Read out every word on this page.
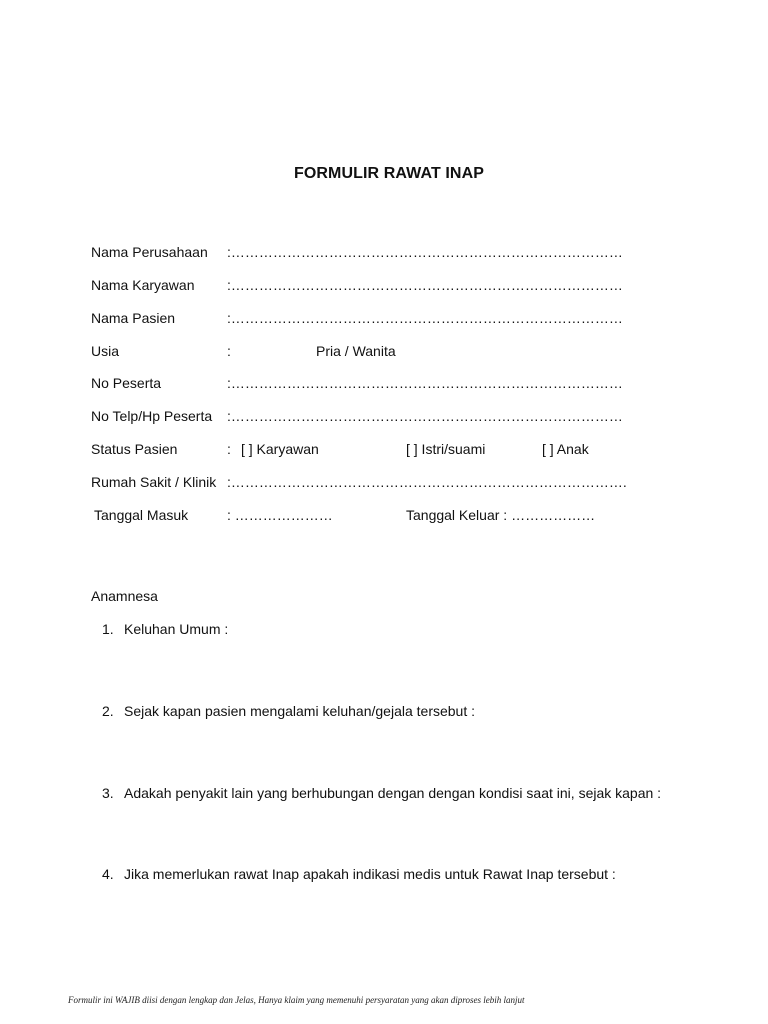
FORMULIR RAWAT INAP
Nama Perusahaan :…………………………………………………………………………
Nama Karyawan :…………………………………………………………………………
Nama Pasien	:…………………………………………………………………………
Usia	:	Pria / Wanita
No Peserta	:…………………………………………………………………………
No Telp/Hp Peserta :…………………………………………………………………………
Status Pasien	: [ ] Karyawan	[ ] Istri/suami	[ ] Anak
Rumah Sakit / Klinik :………………………………………………………………………….
Tanggal Masuk	: …………………	Tanggal Keluar : ………………
Anamnesa
1. Keluhan Umum :
2. Sejak kapan pasien mengalami keluhan/gejala tersebut :
3. Adakah penyakit lain yang berhubungan dengan dengan kondisi saat ini, sejak kapan :
4. Jika memerlukan rawat Inap apakah indikasi medis untuk Rawat Inap tersebut :
Formulir ini WAJIB diisi dengan lengkap dan Jelas, Hanya klaim yang memenuhi persyaratan yang akan diproses lebih lanjut
